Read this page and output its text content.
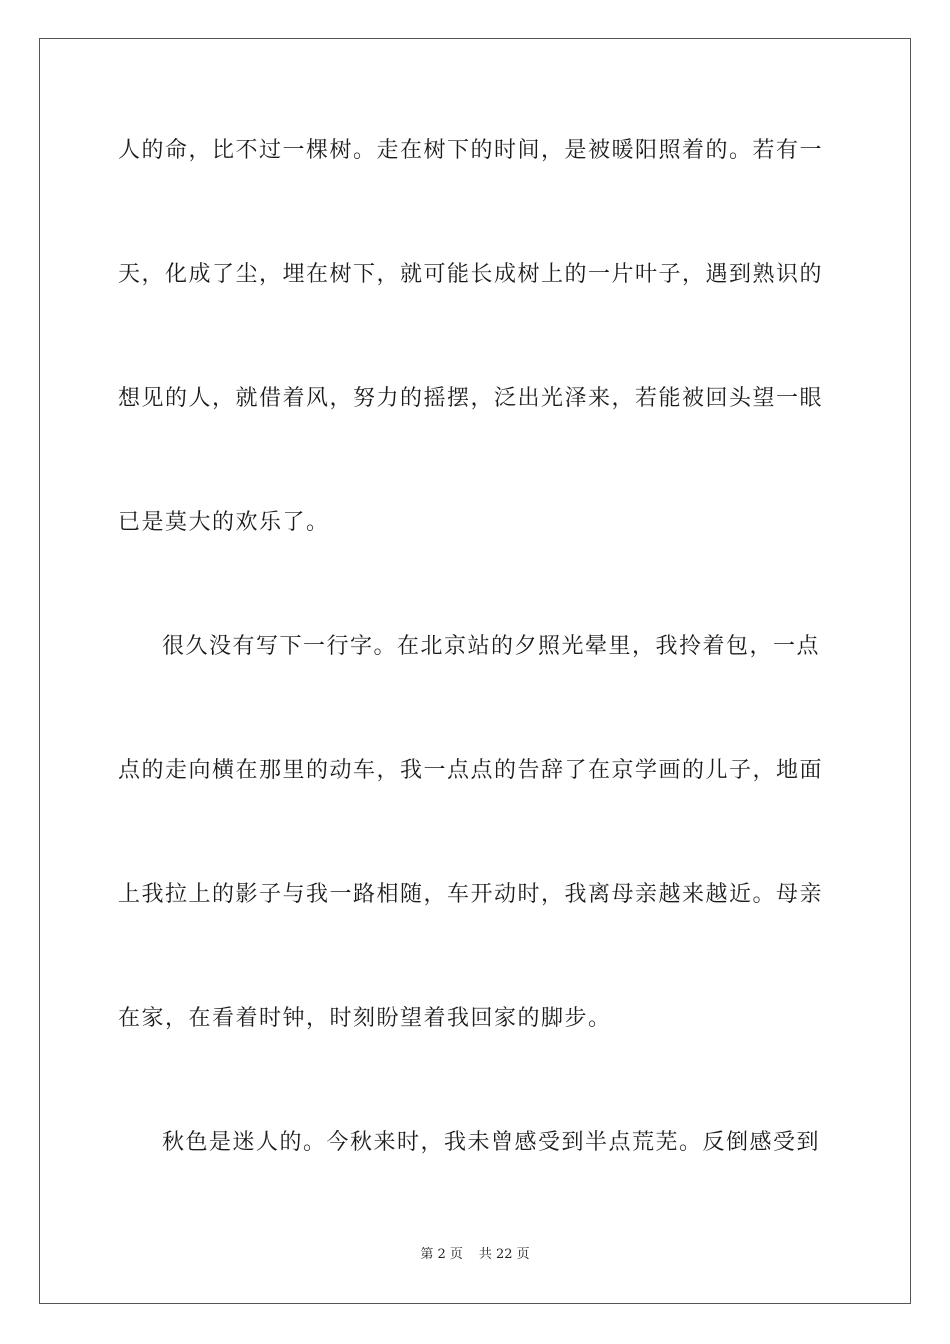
人的命，比不过一棵树。走在树下的时间，是被暖阳照着的。若有一
天，化成了尘，埋在树下，就可能长成树上的一片叶子，遇到熟识的
想见的人，就借着风，努力的摇摆，泛出光泽来，若能被回头望一眼
已是莫大的欢乐了。
很久没有写下一行字。在北京站的夕照光晕里，我拎着包，一点
点的走向横在那里的动车，我一点点的告辞了在京学画的儿子，地面
上我拉上的影子与我一路相随，车开动时，我离母亲越来越近。母亲
在家，在看着时钟，时刻盼望着我回家的脚步。
秋色是迷人的。今秋来时，我未曾感受到半点荒芜。反倒感受到
第 2 页 共 22 页
